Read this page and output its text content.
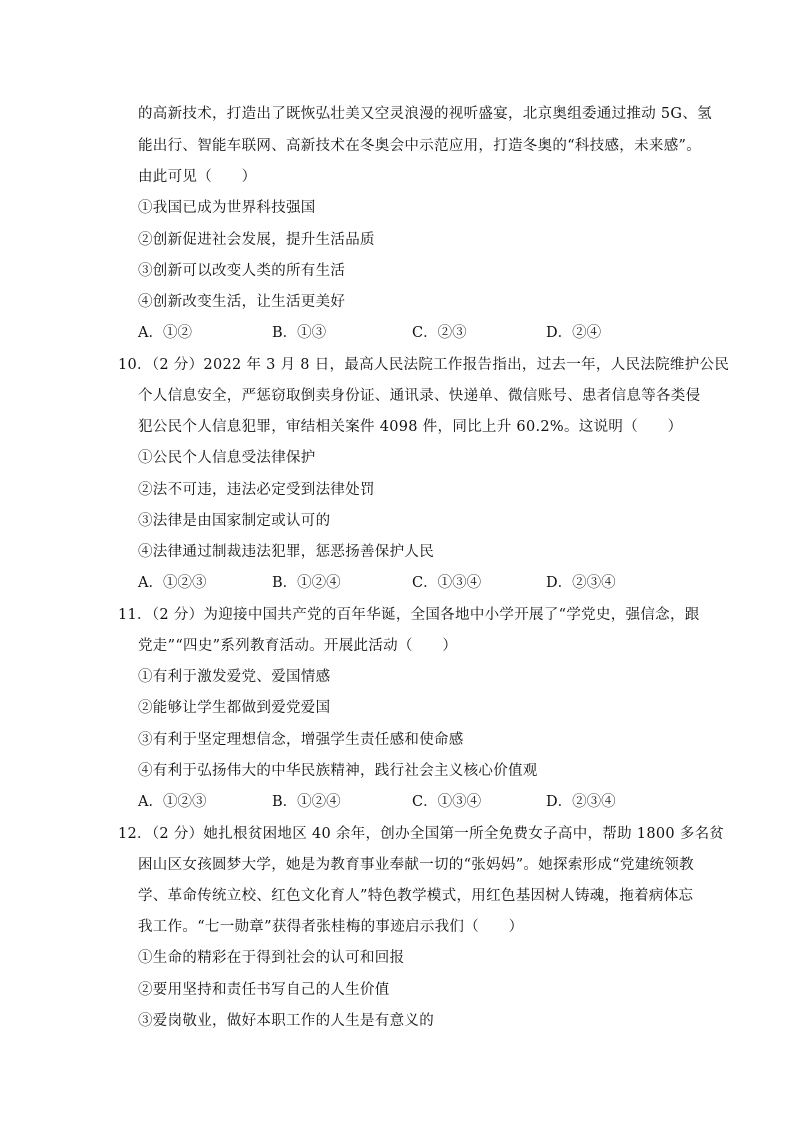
的高新技术，打造出了既恢弘壮美又空灵浪漫的视听盛宴，北京奥组委通过推动 5G、氢
能出行、智能车联网、高新技术在冬奥会中示范应用，打造冬奥的“科技感，未来感”。
由此可见（　　）
①我国已成为世界科技强国
②创新促进社会发展，提升生活品质
③创新可以改变人类的所有生活
④创新改变生活，让生活更美好
A．①②	B．①③	C．②③	D．②④
10．（2 分）2022 年 3 月 8 日，最高人民法院工作报告指出，过去一年，人民法院维护公民
个人信息安全，严惩窃取倒卖身份证、通讯录、快递单、微信账号、患者信息等各类侵
犯公民个人信息犯罪，审结相关案件 4098 件，同比上升 60.2%。这说明（　　）
①公民个人信息受法律保护
②法不可违，违法必定受到法律处罚
③法律是由国家制定或认可的
④法律通过制裁违法犯罪，惩恶扬善保护人民
A．①②③	B．①②④	C．①③④	D．②③④
11．（2 分）为迎接中国共产党的百年华诞，全国各地中小学开展了“学党史，强信念，跟
党走”“四史”系列教育活动。开展此活动（　　）
①有利于激发爱党、爱国情感
②能够让学生都做到爱党爱国
③有利于坚定理想信念，增强学生责任感和使命感
④有利于弘扬伟大的中华民族精神，践行社会主义核心价值观
A．①②③	B．①②④	C．①③④	D．②③④
12．（2 分）她扎根贫困地区 40 余年，创办全国第一所全免费女子高中，帮助 1800 多名贫
困山区女孩圆梦大学，她是为教育事业奉献一切的“张妈妈”。她探索形成“党建统领教
学、革命传统立校、红色文化育人”特色教学模式，用红色基因树人铸魂，拖着病体忘
我工作。“七一勋章”获得者张桂梅的事迹启示我们（　　）
①生命的精彩在于得到社会的认可和回报
②要用坚持和责任书写自己的人生价值
③爱岗敬业，做好本职工作的人生是有意义的
